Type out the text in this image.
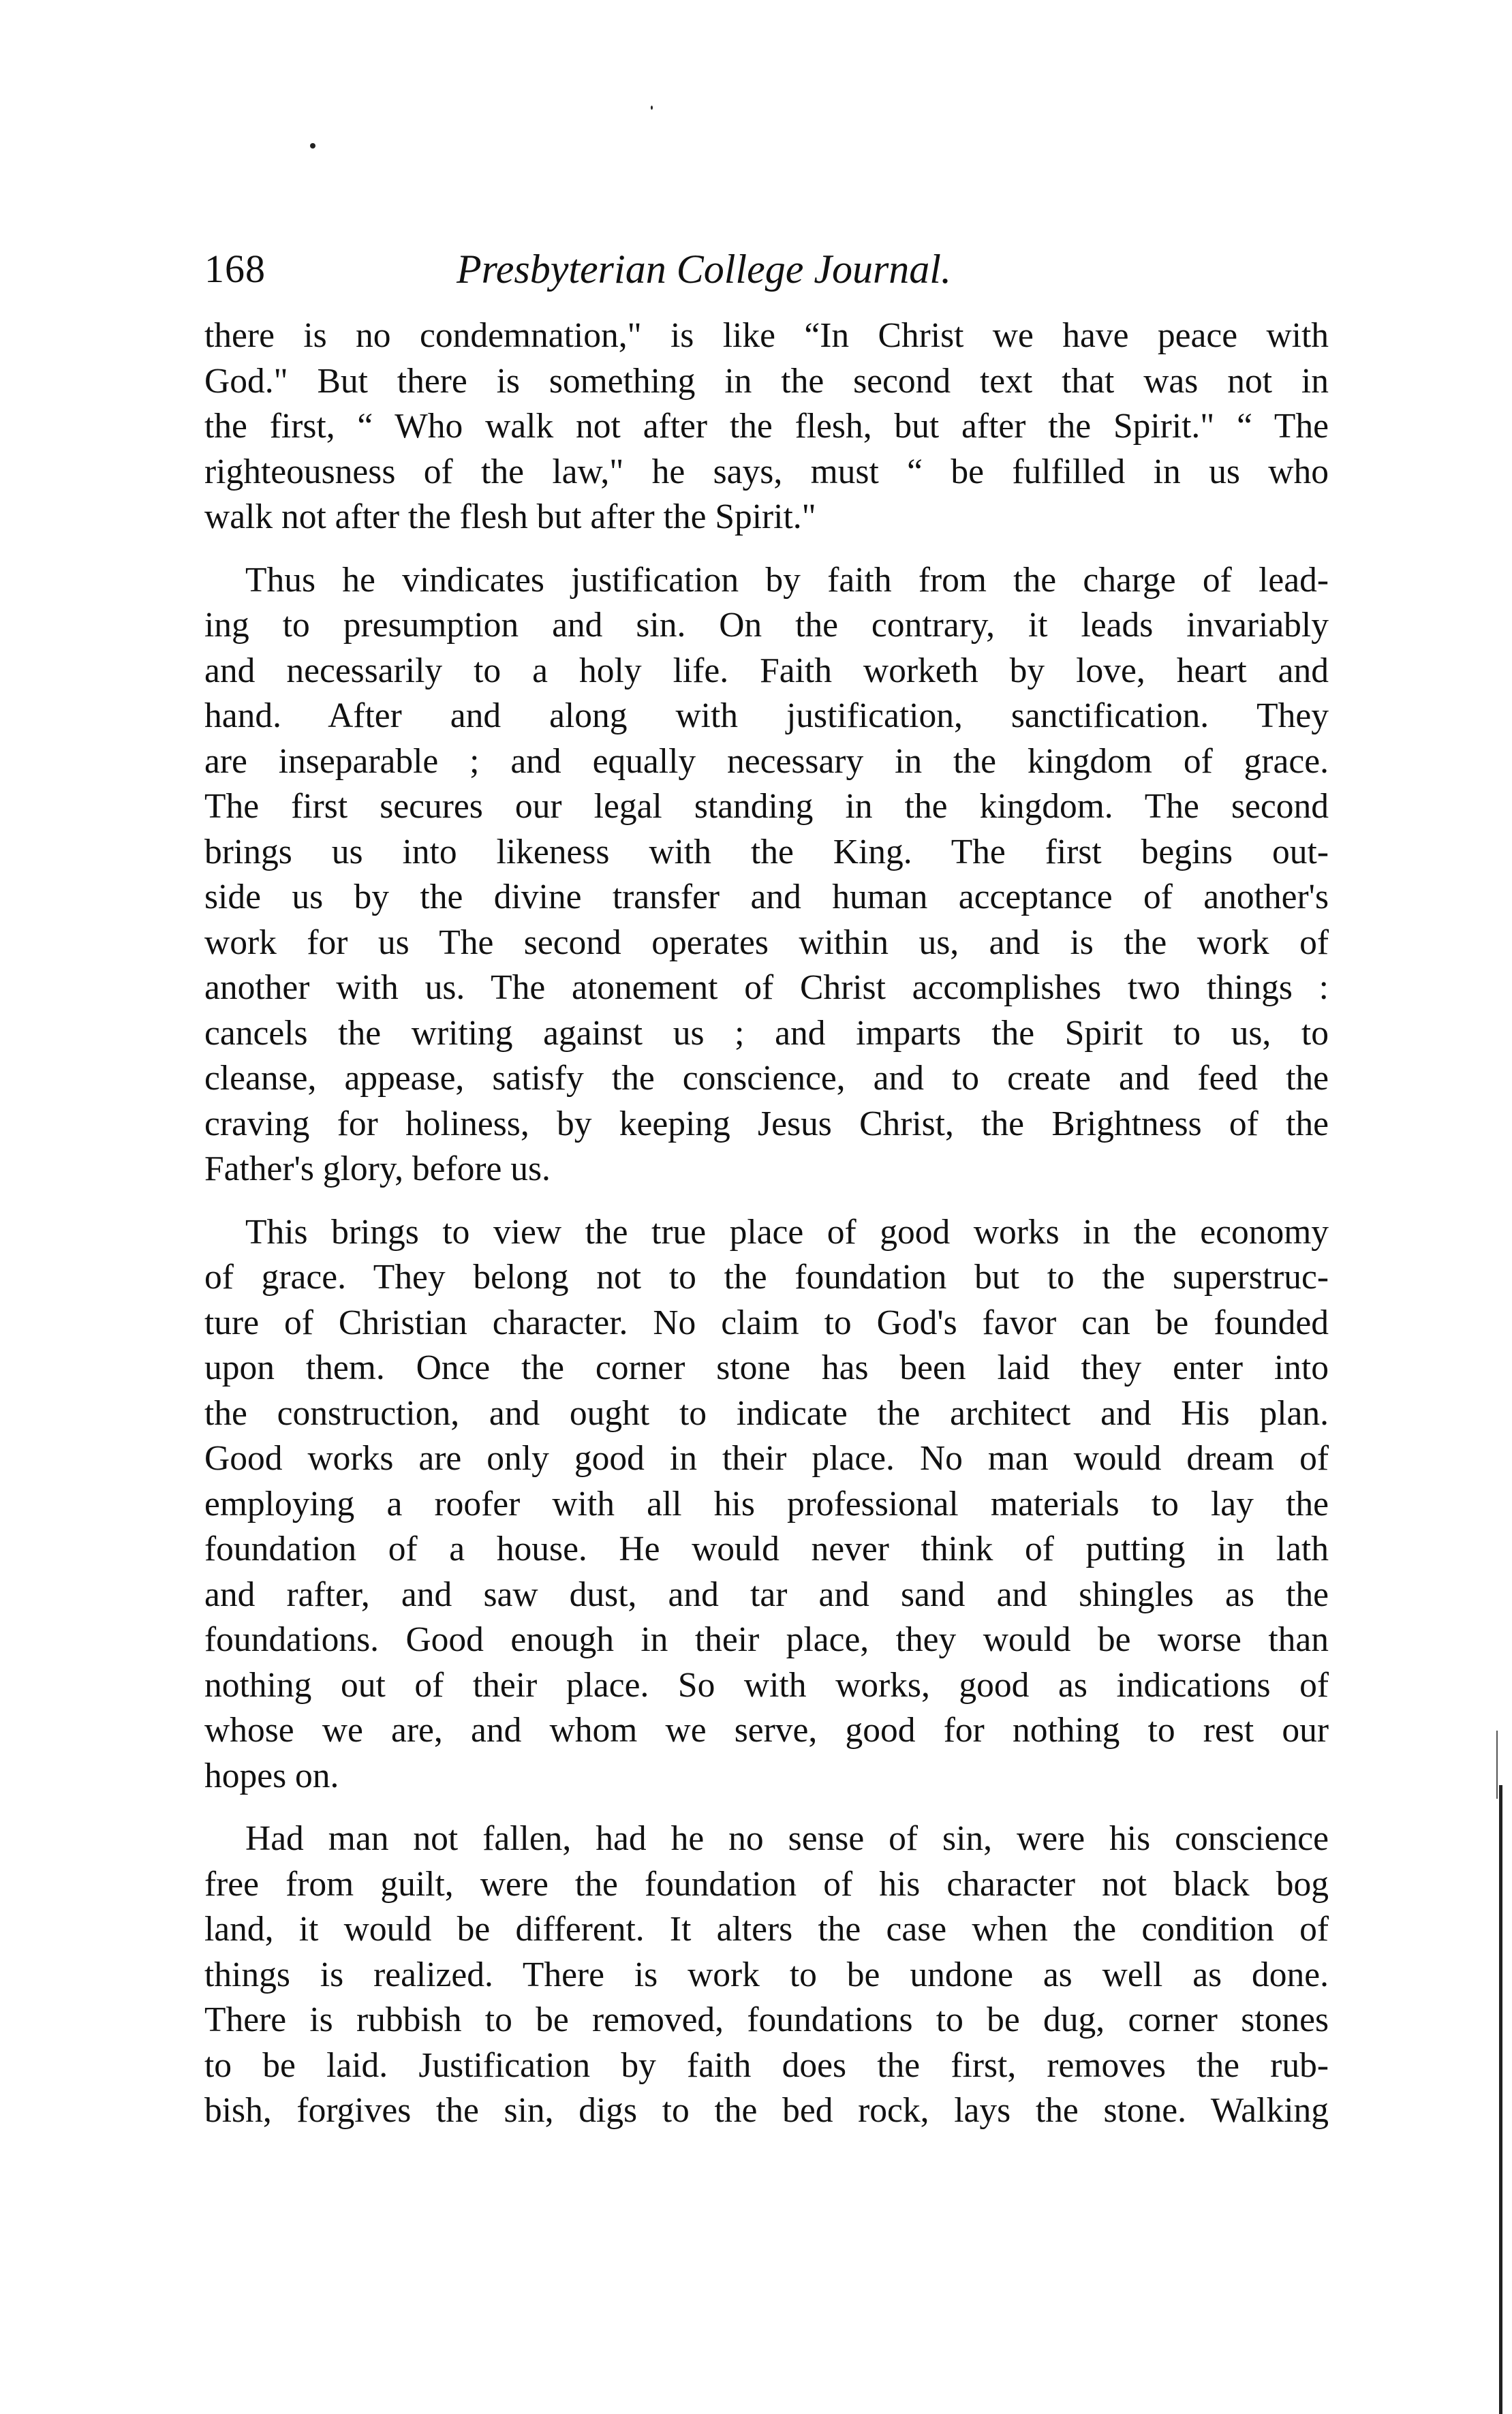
168	Presbyterian College Journal.
there is no condemnation," is like “In Christ we have peace with
God." But there is something in the second text that was not in
the first, “ Who walk not after the flesh, but after the Spirit." “ The
righteousness of the law," he says, must “ be fulfilled in us who
walk not after the flesh but after the Spirit."
Thus he vindicates justification by faith from the charge of lead-
ing to presumption and sin. On the contrary, it leads invariably
and necessarily to a holy life. Faith worketh by love, heart and
hand. After and along with justification, sanctification. They
are inseparable ; and equally necessary in the kingdom of grace.
The first secures our legal standing in the kingdom. The second
brings us into likeness with the King. The first begins out-
side us by the divine transfer and human acceptance of another's
work for us The second operates within us, and is the work of
another with us. The atonement of Christ accomplishes two things :
cancels the writing against us ; and imparts the Spirit to us, to
cleanse, appease, satisfy the conscience, and to create and feed the
craving for holiness, by keeping Jesus Christ, the Brightness of the
Father's glory, before us.
This brings to view the true place of good works in the economy
of grace. They belong not to the foundation but to the superstruc-
ture of Christian character. No claim to God's favor can be founded
upon them. Once the corner stone has been laid they enter into
the construction, and ought to indicate the architect and His plan.
Good works are only good in their place. No man would dream of
employing a roofer with all his professional materials to lay the
foundation of a house. He would never think of putting in lath
and rafter, and saw dust, and tar and sand and shingles as the
foundations. Good enough in their place, they would be worse than
nothing out of their place. So with works, good as indications of
whose we are, and whom we serve, good for nothing to rest our
hopes on.
Had man not fallen, had he no sense of sin, were his conscience
free from guilt, were the foundation of his character not black bog
land, it would be different. It alters the case when the condition of
things is realized. There is work to be undone as well as done.
There is rubbish to be removed, foundations to be dug, corner stones
to be laid. Justification by faith does the first, removes the rub-
bish, forgives the sin, digs to the bed rock, lays the stone. Walking
